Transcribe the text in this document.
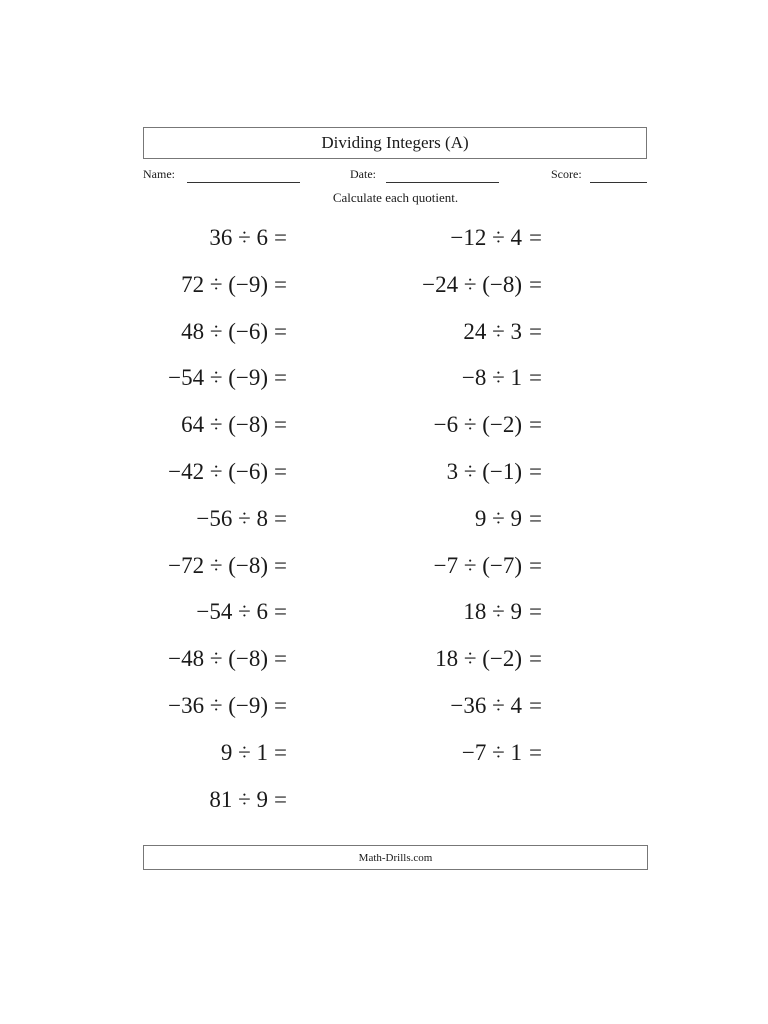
Dividing Integers (A)
Name:	Date:	Score:
Calculate each quotient.
36 ÷ 6 =
72 ÷ (−9) =
48 ÷ (−6) =
−54 ÷ (−9) =
64 ÷ (−8) =
−42 ÷ (−6) =
−56 ÷ 8 =
−72 ÷ (−8) =
−54 ÷ 6 =
−48 ÷ (−8) =
−36 ÷ (−9) =
9 ÷ 1 =
81 ÷ 9 =
−12 ÷ 4 =
−24 ÷ (−8) =
24 ÷ 3 =
−8 ÷ 1 =
−6 ÷ (−2) =
3 ÷ (−1) =
9 ÷ 9 =
−7 ÷ (−7) =
18 ÷ 9 =
18 ÷ (−2) =
−36 ÷ 4 =
−7 ÷ 1 =
Math-Drills.com
